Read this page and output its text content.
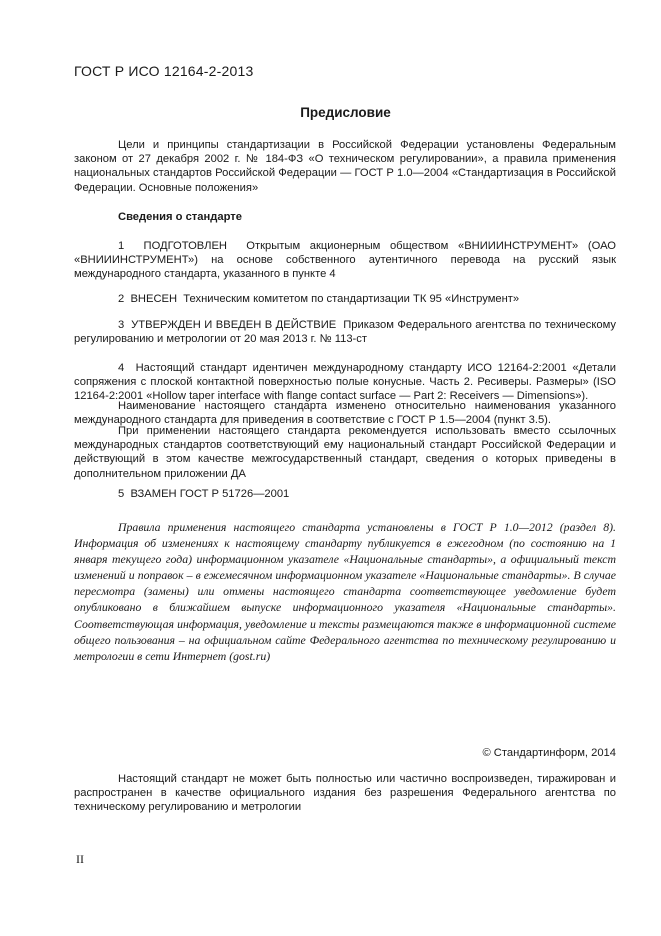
ГОСТ Р ИСО 12164-2-2013

Предисловие

Цели и принципы стандартизации в Российской Федерации установлены Федеральным законом от 27 декабря 2002 г. № 184-ФЗ «О техническом регулировании», а правила применения национальных стандартов Российской Федерации — ГОСТ Р 1.0—2004 «Стандартизация в Российской Федерации. Основные положения»

Сведения о стандарте

1 ПОДГОТОВЛЕН Открытым акционерным обществом «ВНИИИНСТРУМЕНТ» (ОАО «ВНИИИНСТРУМЕНТ») на основе собственного аутентичного перевода на русский язык международного стандарта, указанного в пункте 4

2 ВНЕСЕН Техническим комитетом по стандартизации ТК 95 «Инструмент»

3 УТВЕРЖДЕН И ВВЕДЕН В ДЕЙСТВИЕ Приказом Федерального агентства по техническому регулированию и метрологии от 20 мая 2013 г. № 113-ст

4 Настоящий стандарт идентичен международному стандарту ИСО 12164-2:2001 «Детали сопряжения с плоской контактной поверхностью полые конусные. Часть 2. Ресиверы. Размеры» (ISO 12164-2:2001 «Hollow taper interface with flange contact surface — Part 2: Receivers — Dimensions»).

Наименование настоящего стандарта изменено относительно наименования указанного международного стандарта для приведения в соответствие с ГОСТ Р 1.5—2004 (пункт 3.5).

При применении настоящего стандарта рекомендуется использовать вместо ссылочных международных стандартов соответствующий ему национальный стандарт Российской Федерации и действующий в этом качестве межгосударственный стандарт, сведения о которых приведены в дополнительном приложении ДА

5 ВЗАМЕН ГОСТ Р 51726—2001

Правила применения настоящего стандарта установлены в ГОСТ Р 1.0—2012 (раздел 8). Информация об изменениях к настоящему стандарту публикуется в ежегодном (по состоянию на 1 января текущего года) информационном указателе «Национальные стандарты», а официальный текст изменений и поправок – в ежемесячном информационном указателе «Национальные стандарты». В случае пересмотра (замены) или отмены настоящего стандарта соответствующее уведомление будет опубликовано в ближайшем выпуске информационного указателя «Национальные стандарты». Соответствующая информация, уведомление и тексты размещаются также в информационной системе общего пользования – на официальном сайте Федерального агентства по техническому регулированию и метрологии в сети Интернет (gost.ru)

© Стандартинформ, 2014

Настоящий стандарт не может быть полностью или частично воспроизведен, тиражирован и распространен в качестве официального издания без разрешения Федерального агентства по техническому регулированию и метрологии

II
